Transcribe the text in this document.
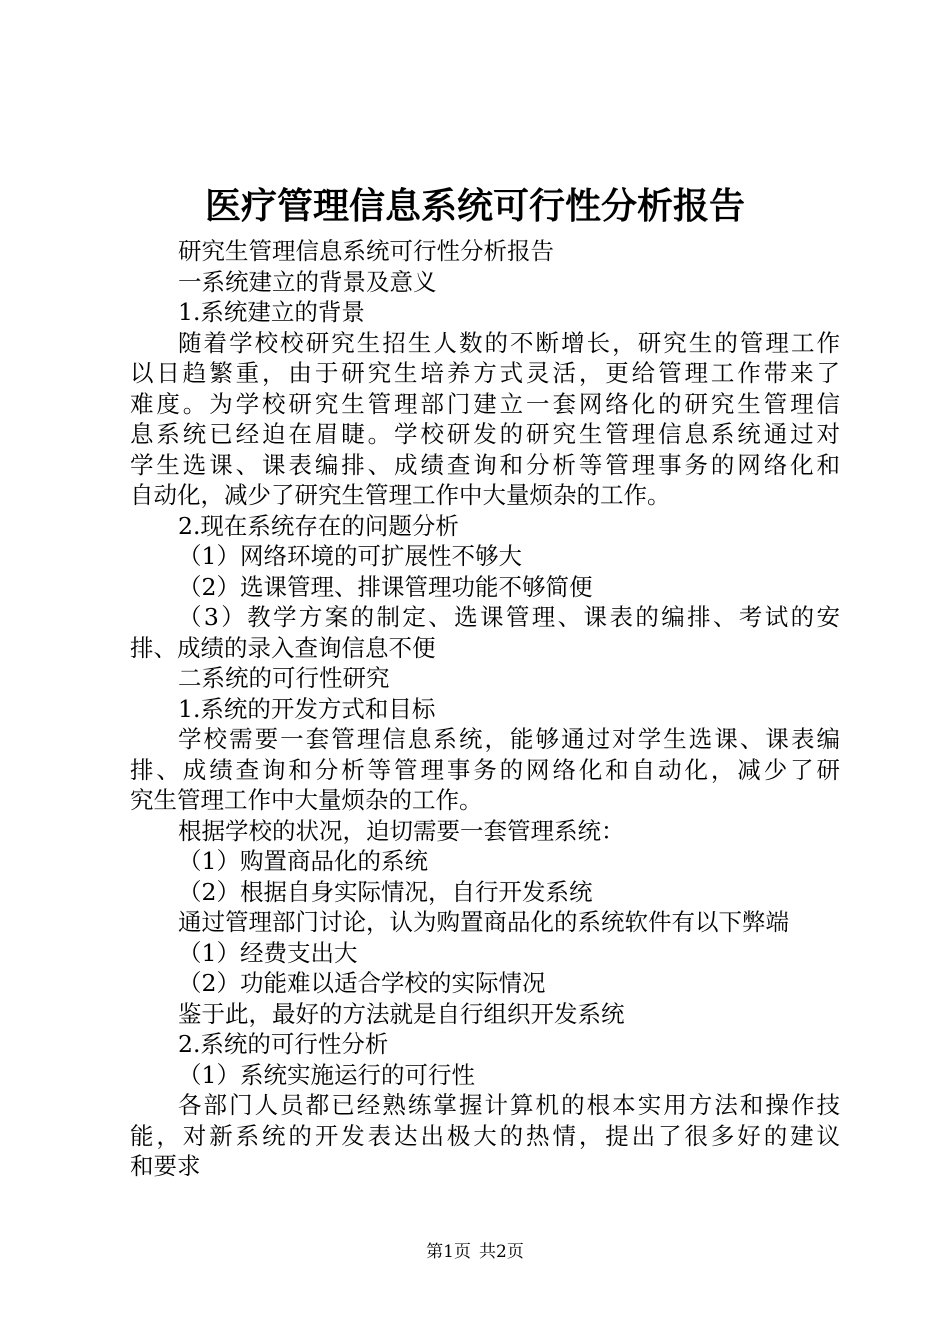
医疗管理信息系统可行性分析报告
研究生管理信息系统可行性分析报告
一系统建立的背景及意义
1.系统建立的背景
随着学校校研究生招生人数的不断增长，研究生的管理工作
以日趋繁重，由于研究生培养方式灵活，更给管理工作带来了
难度。为学校研究生管理部门建立一套网络化的研究生管理信
息系统已经迫在眉睫。学校研发的研究生管理信息系统通过对
学生选课、课表编排、成绩查询和分析等管理事务的网络化和
自动化，减少了研究生管理工作中大量烦杂的工作。
2.现在系统存在的问题分析
（1）网络环境的可扩展性不够大
（2）选课管理、排课管理功能不够简便
（3）教学方案的制定、选课管理、课表的编排、考试的安
排、成绩的录入查询信息不便
二系统的可行性研究
1.系统的开发方式和目标
学校需要一套管理信息系统，能够通过对学生选课、课表编
排、成绩查询和分析等管理事务的网络化和自动化，减少了研
究生管理工作中大量烦杂的工作。
根据学校的状况，迫切需要一套管理系统：
（1）购置商品化的系统
（2）根据自身实际情况，自行开发系统
通过管理部门讨论，认为购置商品化的系统软件有以下弊端
（1）经费支出大
（2）功能难以适合学校的实际情况
鉴于此，最好的方法就是自行组织开发系统
2.系统的可行性分析
（1）系统实施运行的可行性
各部门人员都已经熟练掌握计算机的根本实用方法和操作技
能，对新系统的开发表达出极大的热情，提出了很多好的建议
和要求
第1页 共2页
